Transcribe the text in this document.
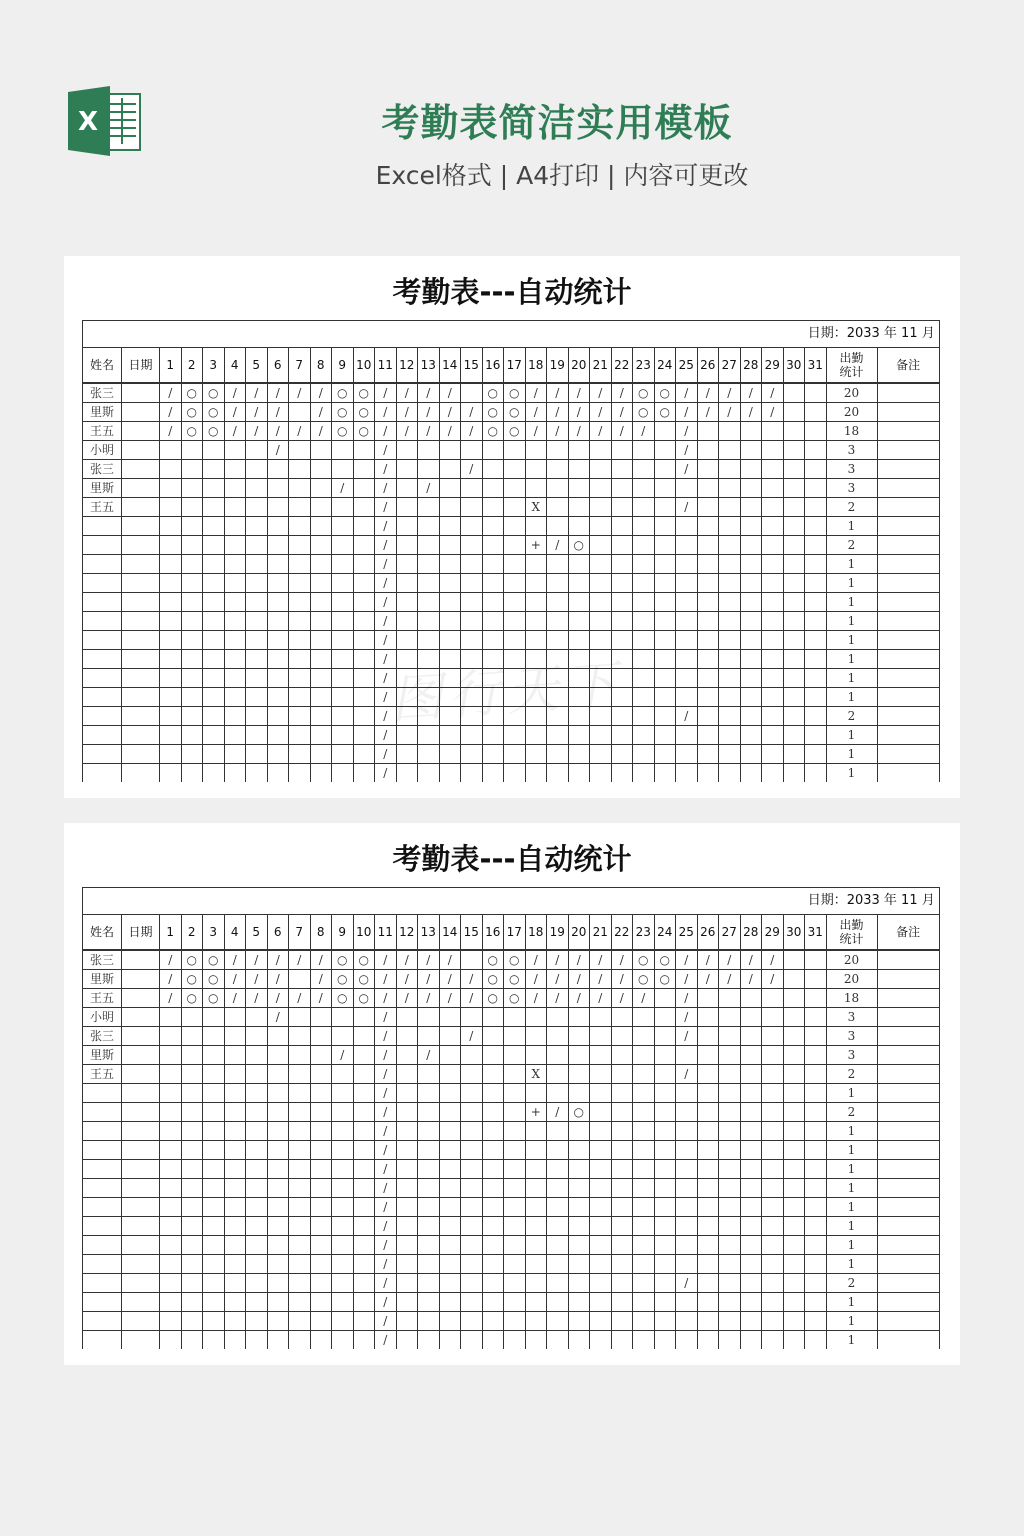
X	考勤表简洁实用模板
Excel格式 | A4打印 | 内容可更改
考勤表---自动统计
日期：2033 年 11 月																																		
姓名	日期	1	2	3	4	5	6	7	8	9	10	11	12	13	14	15	16	17	18	19	20	21	22	23	24	25	26	27	28	29	30	31	出勤
统计	备注
张三		/	○	○	/	/	/	/	/	○	○	/	/	/	/		○	○	/	/	/	/	/	○	○	/	/	/	/	/			20	
里斯		/	○	○	/	/	/		/	○	○	/	/	/	/	/	○	○	/	/	/	/	/	○	○	/	/	/	/	/			20	
王五		/	○	○	/	/	/	/	/	○	○	/	/	/	/	/	○	○	/	/	/	/	/	/		/							18	
小明							/					/														/							3	
张三												/				/										/							3	
里斯										/		/		/																			3	
王五												/							X							/							2	
												/																					1	
												/							+	/	○												2	
												/																					1	
												/																					1	
												/																					1	
												/																					1	
												/																					1	
												/																					1	
												/																					1	
												/																					1	
												/														/							2	
												/																					1	
												/																					1	
												/																					1	
考勤表---自动统计
日期：2033 年 11 月																																		
姓名	日期	1	2	3	4	5	6	7	8	9	10	11	12	13	14	15	16	17	18	19	20	21	22	23	24	25	26	27	28	29	30	31	出勤
统计	备注
张三		/	○	○	/	/	/	/	/	○	○	/	/	/	/		○	○	/	/	/	/	/	○	○	/	/	/	/	/			20	
里斯		/	○	○	/	/	/		/	○	○	/	/	/	/	/	○	○	/	/	/	/	/	○	○	/	/	/	/	/			20	
王五		/	○	○	/	/	/	/	/	○	○	/	/	/	/	/	○	○	/	/	/	/	/	/		/							18	
小明							/					/														/							3	
张三												/				/										/							3	
里斯										/		/		/																			3	
王五												/							X							/							2	
												/																					1	
												/							+	/	○												2	
												/																					1	
												/																					1	
												/																					1	
												/																					1	
												/																					1	
												/																					1	
												/																					1	
												/																					1	
												/														/							2	
												/																					1	
												/																					1	
												/																					1	
图行天下
